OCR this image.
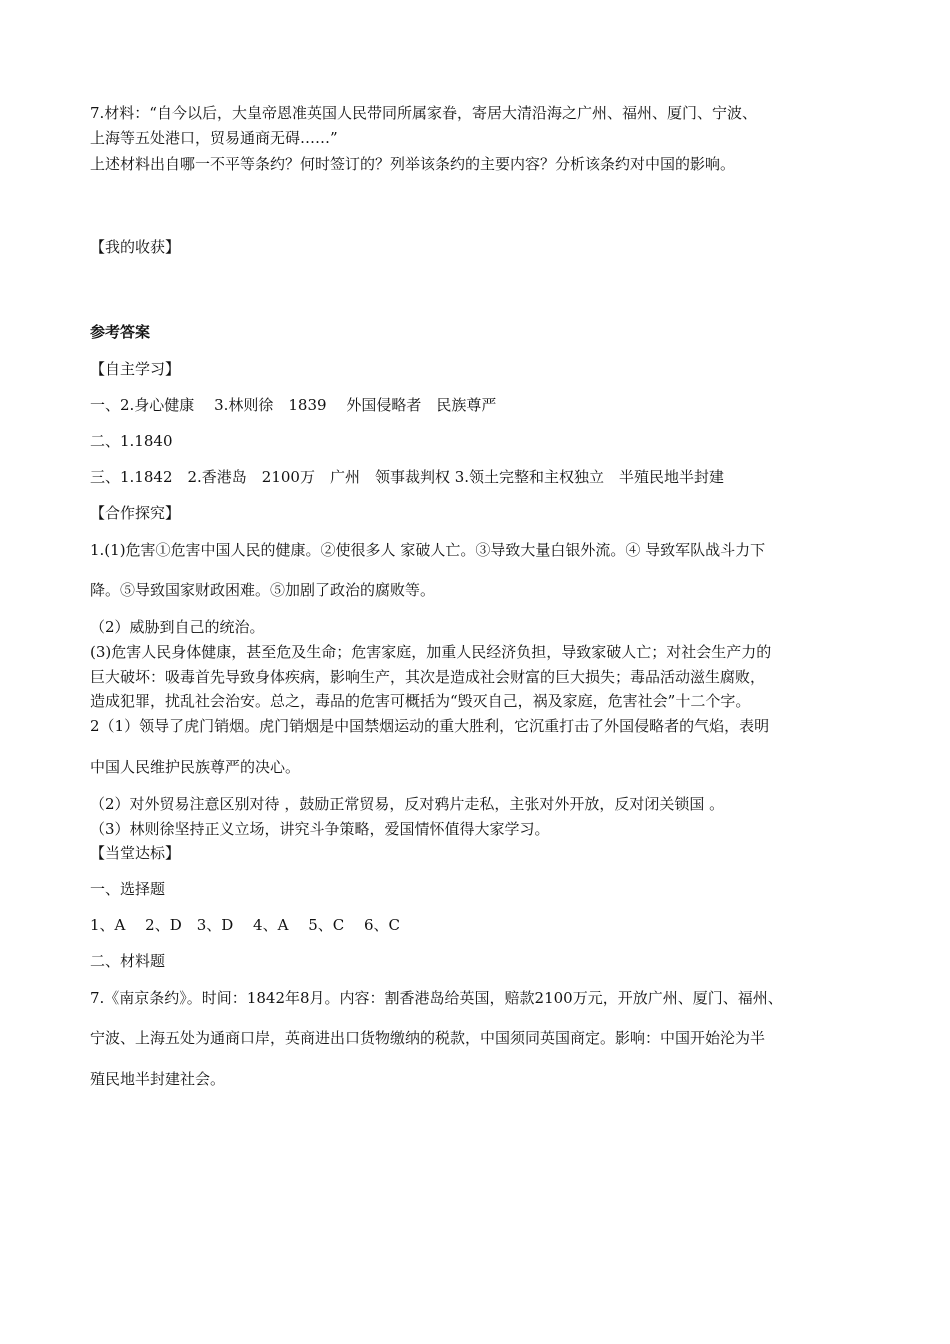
7.材料：“自今以后，大皇帝恩准英国人民带同所属家眷，寄居大清沿海之广州、福州、厦门、宁波、
上海等五处港口，贸易通商无碍……”
上述材料出自哪一不平等条约？何时签订的？列举该条约的主要内容？分析该条约对中国的影响。
【我的收获】
参考答案
【自主学习】
一、2.身心健康　 3.林则徐　1839　 外国侵略者　民族尊严
二、1.1840
三、1.1842　2.香港岛　2100万　广州　领事裁判权 3.领土完整和主权独立　半殖民地半封建
【合作探究】
1.(1)危害①危害中国人民的健康。②使很多人 家破人亡。③导致大量白银外流。④ 导致军队战斗力下
降。⑤导致国家财政困难。⑤加剧了政治的腐败等。
（2）威胁到自己的统治。
(3)危害人民身体健康，甚至危及生命；危害家庭，加重人民经济负担，导致家破人亡；对社会生产力的
巨大破坏：吸毒首先导致身体疾病，影响生产，其次是造成社会财富的巨大损失；毒品活动滋生腐败，
造成犯罪，扰乱社会治安。总之，毒品的危害可概括为“毁灭自己，祸及家庭，危害社会”十二个字。
2（1）领导了虎门销烟。虎门销烟是中国禁烟运动的重大胜利，它沉重打击了外国侵略者的气焰，表明
中国人民维护民族尊严的决心。
（2）对外贸易注意区别对待 ，鼓励正常贸易，反对鸦片走私，主张对外开放，反对闭关锁国 。
（3）林则徐坚持正义立场，讲究斗争策略，爱国情怀值得大家学习。
【当堂达标】
一、选择题
1、A　 2、D　3、D　 4、A　 5、C　 6、C
二、材料题
7.《南京条约》。时间：1842年8月。内容：割香港岛给英国，赔款2100万元，开放广州、厦门、福州、
宁波、上海五处为通商口岸，英商进出口货物缴纳的税款，中国须同英国商定。影响：中国开始沦为半
殖民地半封建社会。
